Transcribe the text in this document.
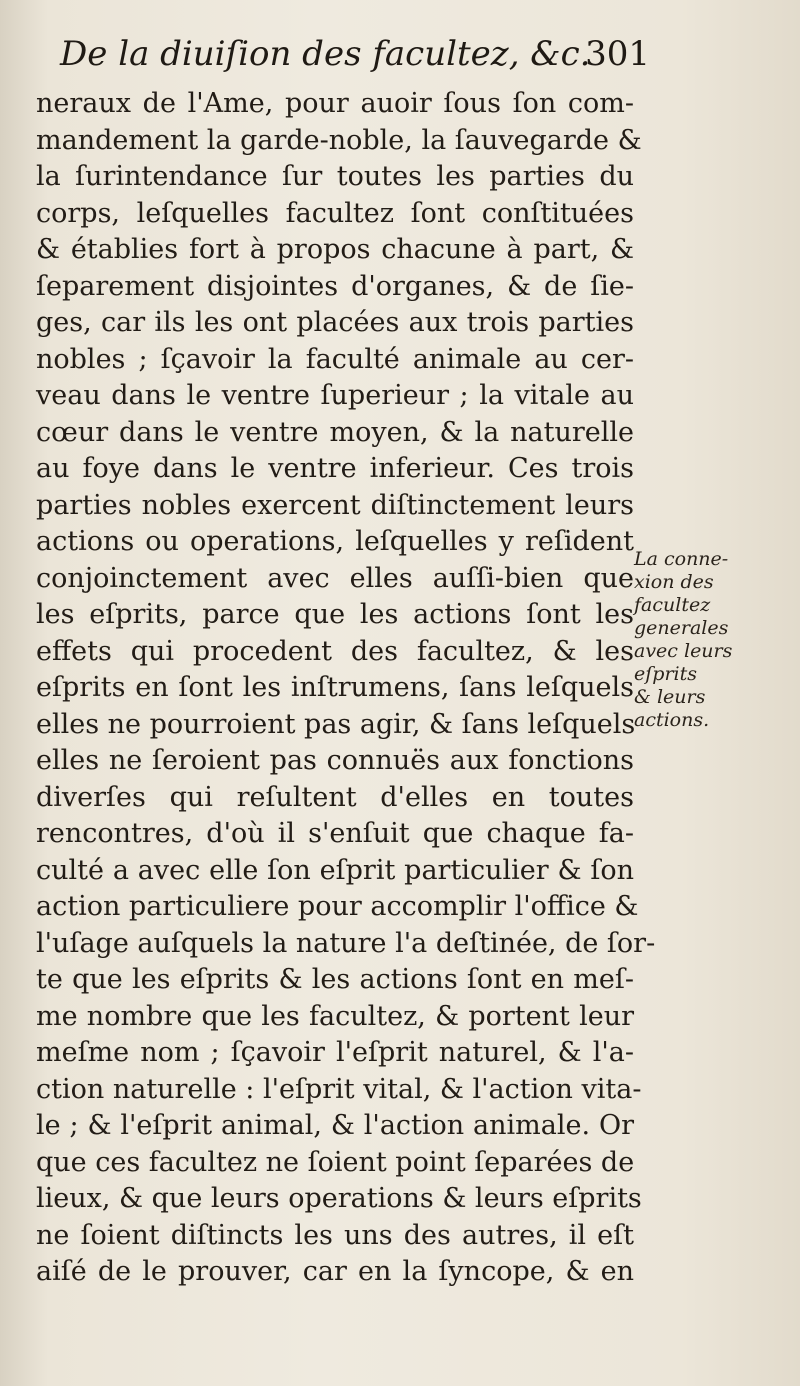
De la diuiſion des facultez, &c.
301
neraux de l'Ame, pour auoir ſous ſon com-
mandement la garde-noble, la ſauvegarde &
la ſurintendance ſur toutes les parties du
corps, leſquelles facultez ſont conſtituées
& établies fort à propos chacune à part, &
ſeparement disjointes d'organes, & de ſie-
ges, car ils les ont placées aux trois parties
nobles ; ſçavoir la faculté animale au cer-
veau dans le ventre ſuperieur ; la vitale au
cœur dans le ventre moyen, & la naturelle
au foye dans le ventre inferieur. Ces trois
parties nobles exercent diſtinctement leurs
actions ou operations, leſquelles y reſident
conjoinctement avec elles auſſi-bien que
les eſprits, parce que les actions ſont les
effets qui procedent des facultez, & les
eſprits en ſont les inſtrumens, ſans leſquels
elles ne pourroient pas agir, & ſans leſquels
elles ne ſeroient pas connuës aux fonctions
diverſes qui reſultent d'elles en toutes
rencontres, d'où il s'enſuit que chaque fa-
culté a avec elle ſon eſprit particulier & ſon
action particuliere pour accomplir l'office &
l'uſage auſquels la nature l'a deſtinée, de ſor-
te que les eſprits & les actions ſont en meſ-
me nombre que les facultez, & portent leur
meſme nom ; ſçavoir l'eſprit naturel, & l'a-
ction naturelle : l'eſprit vital, & l'action vita-
le ; & l'eſprit animal, & l'action animale. Or
que ces facultez ne ſoient point ſeparées de
lieux, & que leurs operations & leurs eſprits
ne ſoient diſtincts les uns des autres, il eſt
aiſé de le prouver, car en la ſyncope, & en
La conne-
xion des
facultez
generales
avec leurs
eſprits
& leurs
actions.
